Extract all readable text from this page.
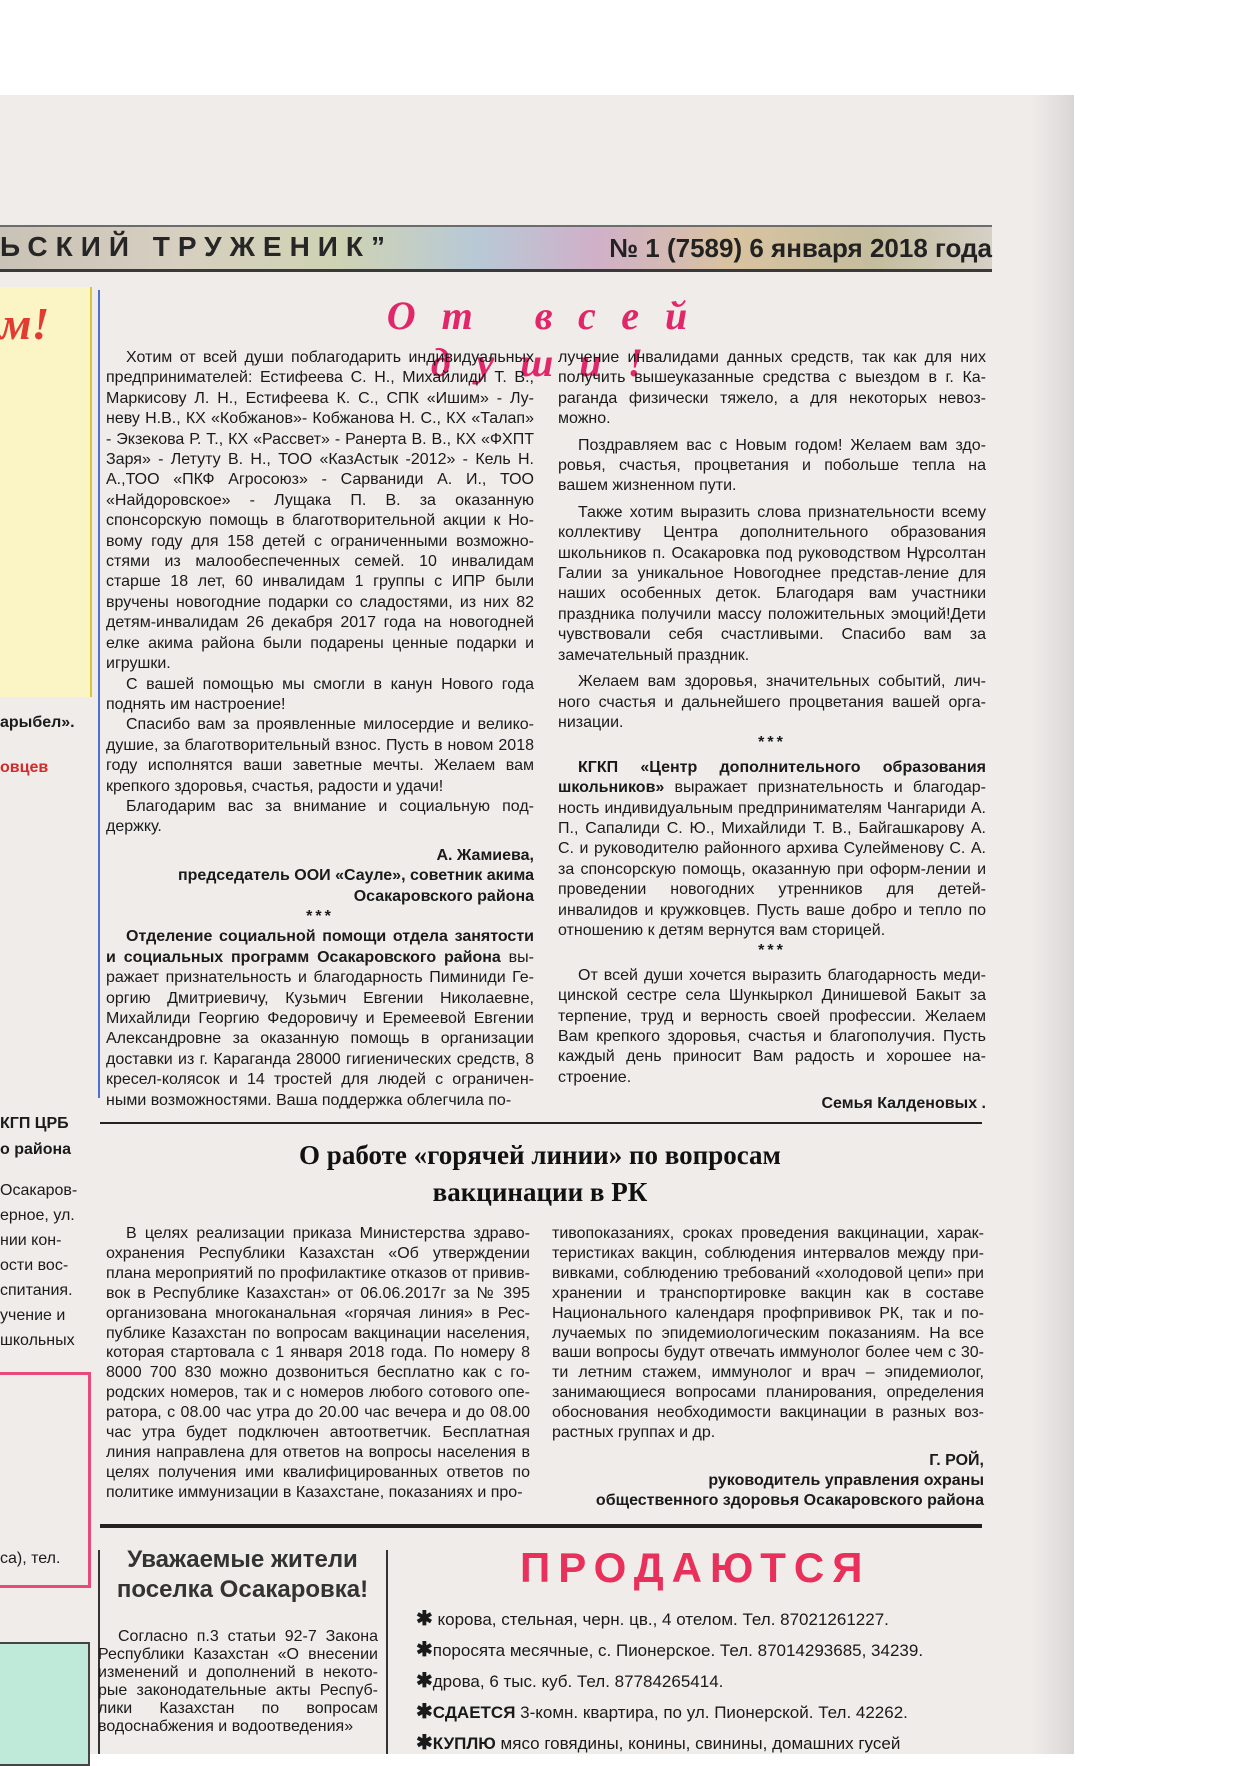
ЬСКИЙ ТРУЖЕНИК”	№ 1 (7589) 6 января 2018 года
м!
арыбел».
овцев
КГП ЦРБ
о района
Осакаров-
ерное, ул.
нии кон-
ости вос-
спитания.
учение и
школьных
са), тел.
От всей души!

Хотим от всей души поблагодарить индивидуальных предпринимателей: Естифеева С. Н., Михайлиди Т. В., Маркисову Л. Н., Естифеева К. С., СПК «Ишим» - Лу-неву Н.В., КХ «Кобжанов»- Кобжанова Н. С., КХ «Талап» - Экзекова Р. Т., КХ «Рассвет» - Ранерта В. В., КХ «ФХПТ Заря» - Летуту В. Н., ТОО «КазАстык -2012» - Кель Н. А.,ТОО «ПКФ Агросоюз» - Сарваниди А. И., ТОО «Найдоровское» - Лущака П. В. за оказанную спонсорскую помощь в благотворительной акции к Но-вому году для 158 детей с ограниченными возможно-стями из малообеспеченных семей. 10 инвалидам старше 18 лет, 60 инвалидам 1 группы с ИПР были вручены новогодние подарки со сладостями, из них 82 детям-инвалидам 26 декабря 2017 года на новогодней елке акима района были подарены ценные подарки и игрушки.

С вашей помощью мы смогли в канун Нового года поднять им настроение!

Спасибо вам за проявленные милосердие и велико-душие, за благотворительный взнос. Пусть в новом 2018 году исполнятся ваши заветные мечты. Желаем вам крепкого здоровья, счастья, радости и удачи!

Благодарим вас за внимание и социальную под-держку.

А. Жамиева,

председатель ООИ «Сауле», советник акима Осакаровского района

***

Отделение социальной помощи отдела занятости и социальных программ Осакаровского района вы-ражает признательность и благодарность Пиминиди Ге-оргию Дмитриевичу, Кузьмич Евгении Николаевне, Михайлиди Георгию Федоровичу и Еремеевой Евгении Александровне за оказанную помощь в организации доставки из г. Караганда 28000 гигиенических средств, 8 кресел-колясок и 14 тростей для людей с ограничен-ными возможностями. Ваша поддержка облегчила по-

лучение инвалидами данных средств, так как для них получить вышеуказанные средства с выездом в г. Ка-раганда физически тяжело, а для некоторых невоз-можно.

Поздравляем вас с Новым годом! Желаем вам здо-ровья, счастья, процветания и побольше тепла на вашем жизненном пути.

Также хотим выразить слова признательности всему коллективу Центра дополнительного образования школьников п. Осакаровка под руководством Нұрсолтан Галии за уникальное Новогоднее представ-ление для наших особенных деток. Благодаря вам участники праздника получили массу положительных эмоций!Дети чувствовали себя счастливыми. Спасибо вам за замечательный праздник.

Желаем вам здоровья, значительных событий, лич-ного счастья и дальнейшего процветания вашей орга-низации.

***

КГКП «Центр дополнительного образования школьников» выражает признательность и благодар-ность индивидуальным предпринимателям Чангариди А. П., Сапалиди С. Ю., Михайлиди Т. В., Байгашкарову А. С. и руководителю районного архива Сулейменову С. А. за спонсорскую помощь, оказанную при оформ-лении и проведении новогодних утренников для детей-инвалидов и кружковцев. Пусть ваше добро и тепло по отношению к детям вернутся вам сторицей.

***

От всей души хочется выразить благодарность меди-цинской сестре села Шункыркол Динишевой Бакыт за терпение, труд и верность своей профессии. Желаем Вам крепкого здоровья, счастья и благополучия. Пусть каждый день приносит Вам радость и хорошее на-строение.

Семья Калденовых .

О работе «горячей линии» по вопросам
вакцинации в РК

В целях реализации приказа Министерства здраво-охранения Республики Казахстан «Об утверждении плана мероприятий по профилактике отказов от привив-вок в Республике Казахстан» от 06.06.2017г за № 395 организована многоканальная «горячая линия» в Рес-публике Казахстан по вопросам вакцинации населения, которая стартовала с 1 января 2018 года. По номеру 8 8000 700 830 можно дозвониться бесплатно как с го-родских номеров, так и с номеров любого сотового опе-ратора, с 08.00 час утра до 20.00 час вечера и до 08.00 час утра будет подключен автоответчик. Бесплатная линия направлена для ответов на вопросы населения в целях получения ими квалифицированных ответов по политике иммунизации в Казахстане, показаниях и про-

тивопоказаниях, сроках проведения вакцинации, харак-теристиках вакцин, соблюдения интервалов между при-вивками, соблюдению требований «холодовой цепи» при хранении и транспортировке вакцин как в составе Национального календаря профпрививок РК, так и по-лучаемых по эпидемиологическим показаниям. На все ваши вопросы будут отвечать иммунолог более чем с 30-ти летним стажем, иммунолог и врач – эпидемиолог, занимающиеся вопросами планирования, определения обоснования необходимости вакцинации в разных воз-растных группах и др.

Г. РОЙ,

руководитель управления охраны

общественного здоровья Осакаровского района

Уважаемые жители
поселка Осакаровка!

Согласно п.3 статьи 92-7 Закона Республики Казахстан «О внесении изменений и дополнений в некото-рые законодательные акты Респуб-лики Казахстан по вопросам водоснабжения и водоотведения»

ПРОДАЮТСЯ
✱ корова, стельная, черн. цв., 4 отелом. Тел. 87021261227.
✱поросята месячные, с. Пионерское. Тел. 87014293685, 34239.
✱дрова, 6 тыс. куб. Тел. 87784265414.
✱СДАЕТСЯ 3-комн. квартира, по ул. Пионерской. Тел. 42262.
✱КУПЛЮ мясо говядины, конины, свинины, домашних гусей
